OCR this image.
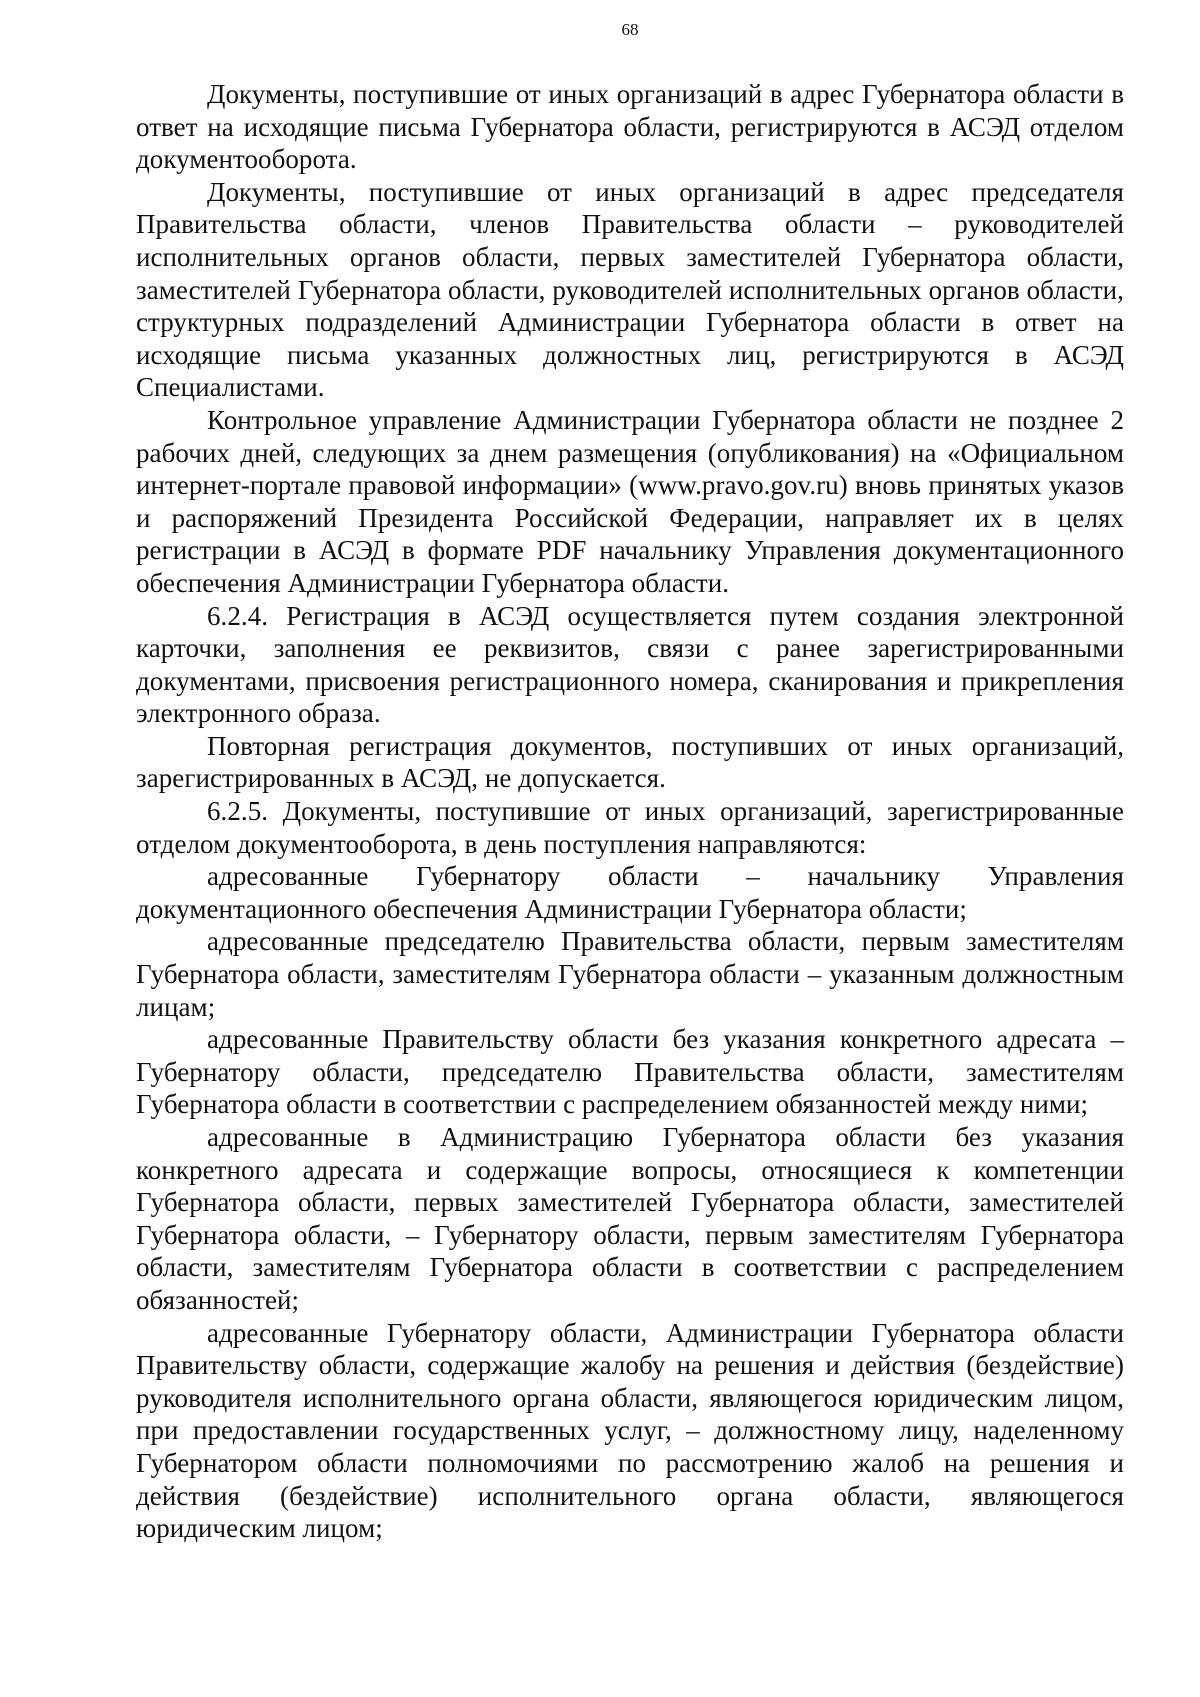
68

Документы, поступившие от иных организаций в адрес Губернатора области в ответ на исходящие письма Губернатора области, регистрируются в АСЭД отделом документооборота.

Документы, поступившие от иных организаций в адрес председателя Правительства области, членов Правительства области – руководителей исполнительных органов области, первых заместителей Губернатора области, заместителей Губернатора области, руководителей исполнительных органов области, структурных подразделений Администрации Губернатора области в ответ на исходящие письма указанных должностных лиц, регистрируются в АСЭД Специалистами.

Контрольное управление Администрации Губернатора области не позднее 2 рабочих дней, следующих за днем размещения (опубликования) на «Официальном интернет-портале правовой информации» (www.pravo.gov.ru) вновь принятых указов и распоряжений Президента Российской Федерации, направляет их в целях регистрации в АСЭД в формате PDF начальнику Управления документационного обеспечения Администрации Губернатора области.

6.2.4. Регистрация в АСЭД осуществляется путем создания электронной карточки, заполнения ее реквизитов, связи с ранее зарегистрированными документами, присвоения регистрационного номера, сканирования и прикрепления электронного образа.

Повторная регистрация документов, поступивших от иных организаций, зарегистрированных в АСЭД, не допускается.

6.2.5. Документы, поступившие от иных организаций, зарегистрированные отделом документооборота, в день поступления направляются:

адресованные Губернатору области – начальнику Управления документационного обеспечения Администрации Губернатора области;

адресованные председателю Правительства области, первым заместителям Губернатора области, заместителям Губернатора области – указанным должностным лицам;

адресованные Правительству области без указания конкретного адресата – Губернатору области, председателю Правительства области, заместителям Губернатора области в соответствии с распределением обязанностей между ними;

адресованные в Администрацию Губернатора области без указания конкретного адресата и содержащие вопросы, относящиеся к компетенции Губернатора области, первых заместителей Губернатора области, заместителей Губернатора области, – Губернатору области, первым заместителям Губернатора области, заместителям Губернатора области в соответствии с распределением обязанностей;

адресованные Губернатору области, Администрации Губернатора области Правительству области, содержащие жалобу на решения и действия (бездействие) руководителя исполнительного органа области, являющегося юридическим лицом, при предоставлении государственных услуг, – должностному лицу, наделенному Губернатором области полномочиями по рассмотрению жалоб на решения и действия (бездействие) исполнительного органа области, являющегося юридическим лицом;
